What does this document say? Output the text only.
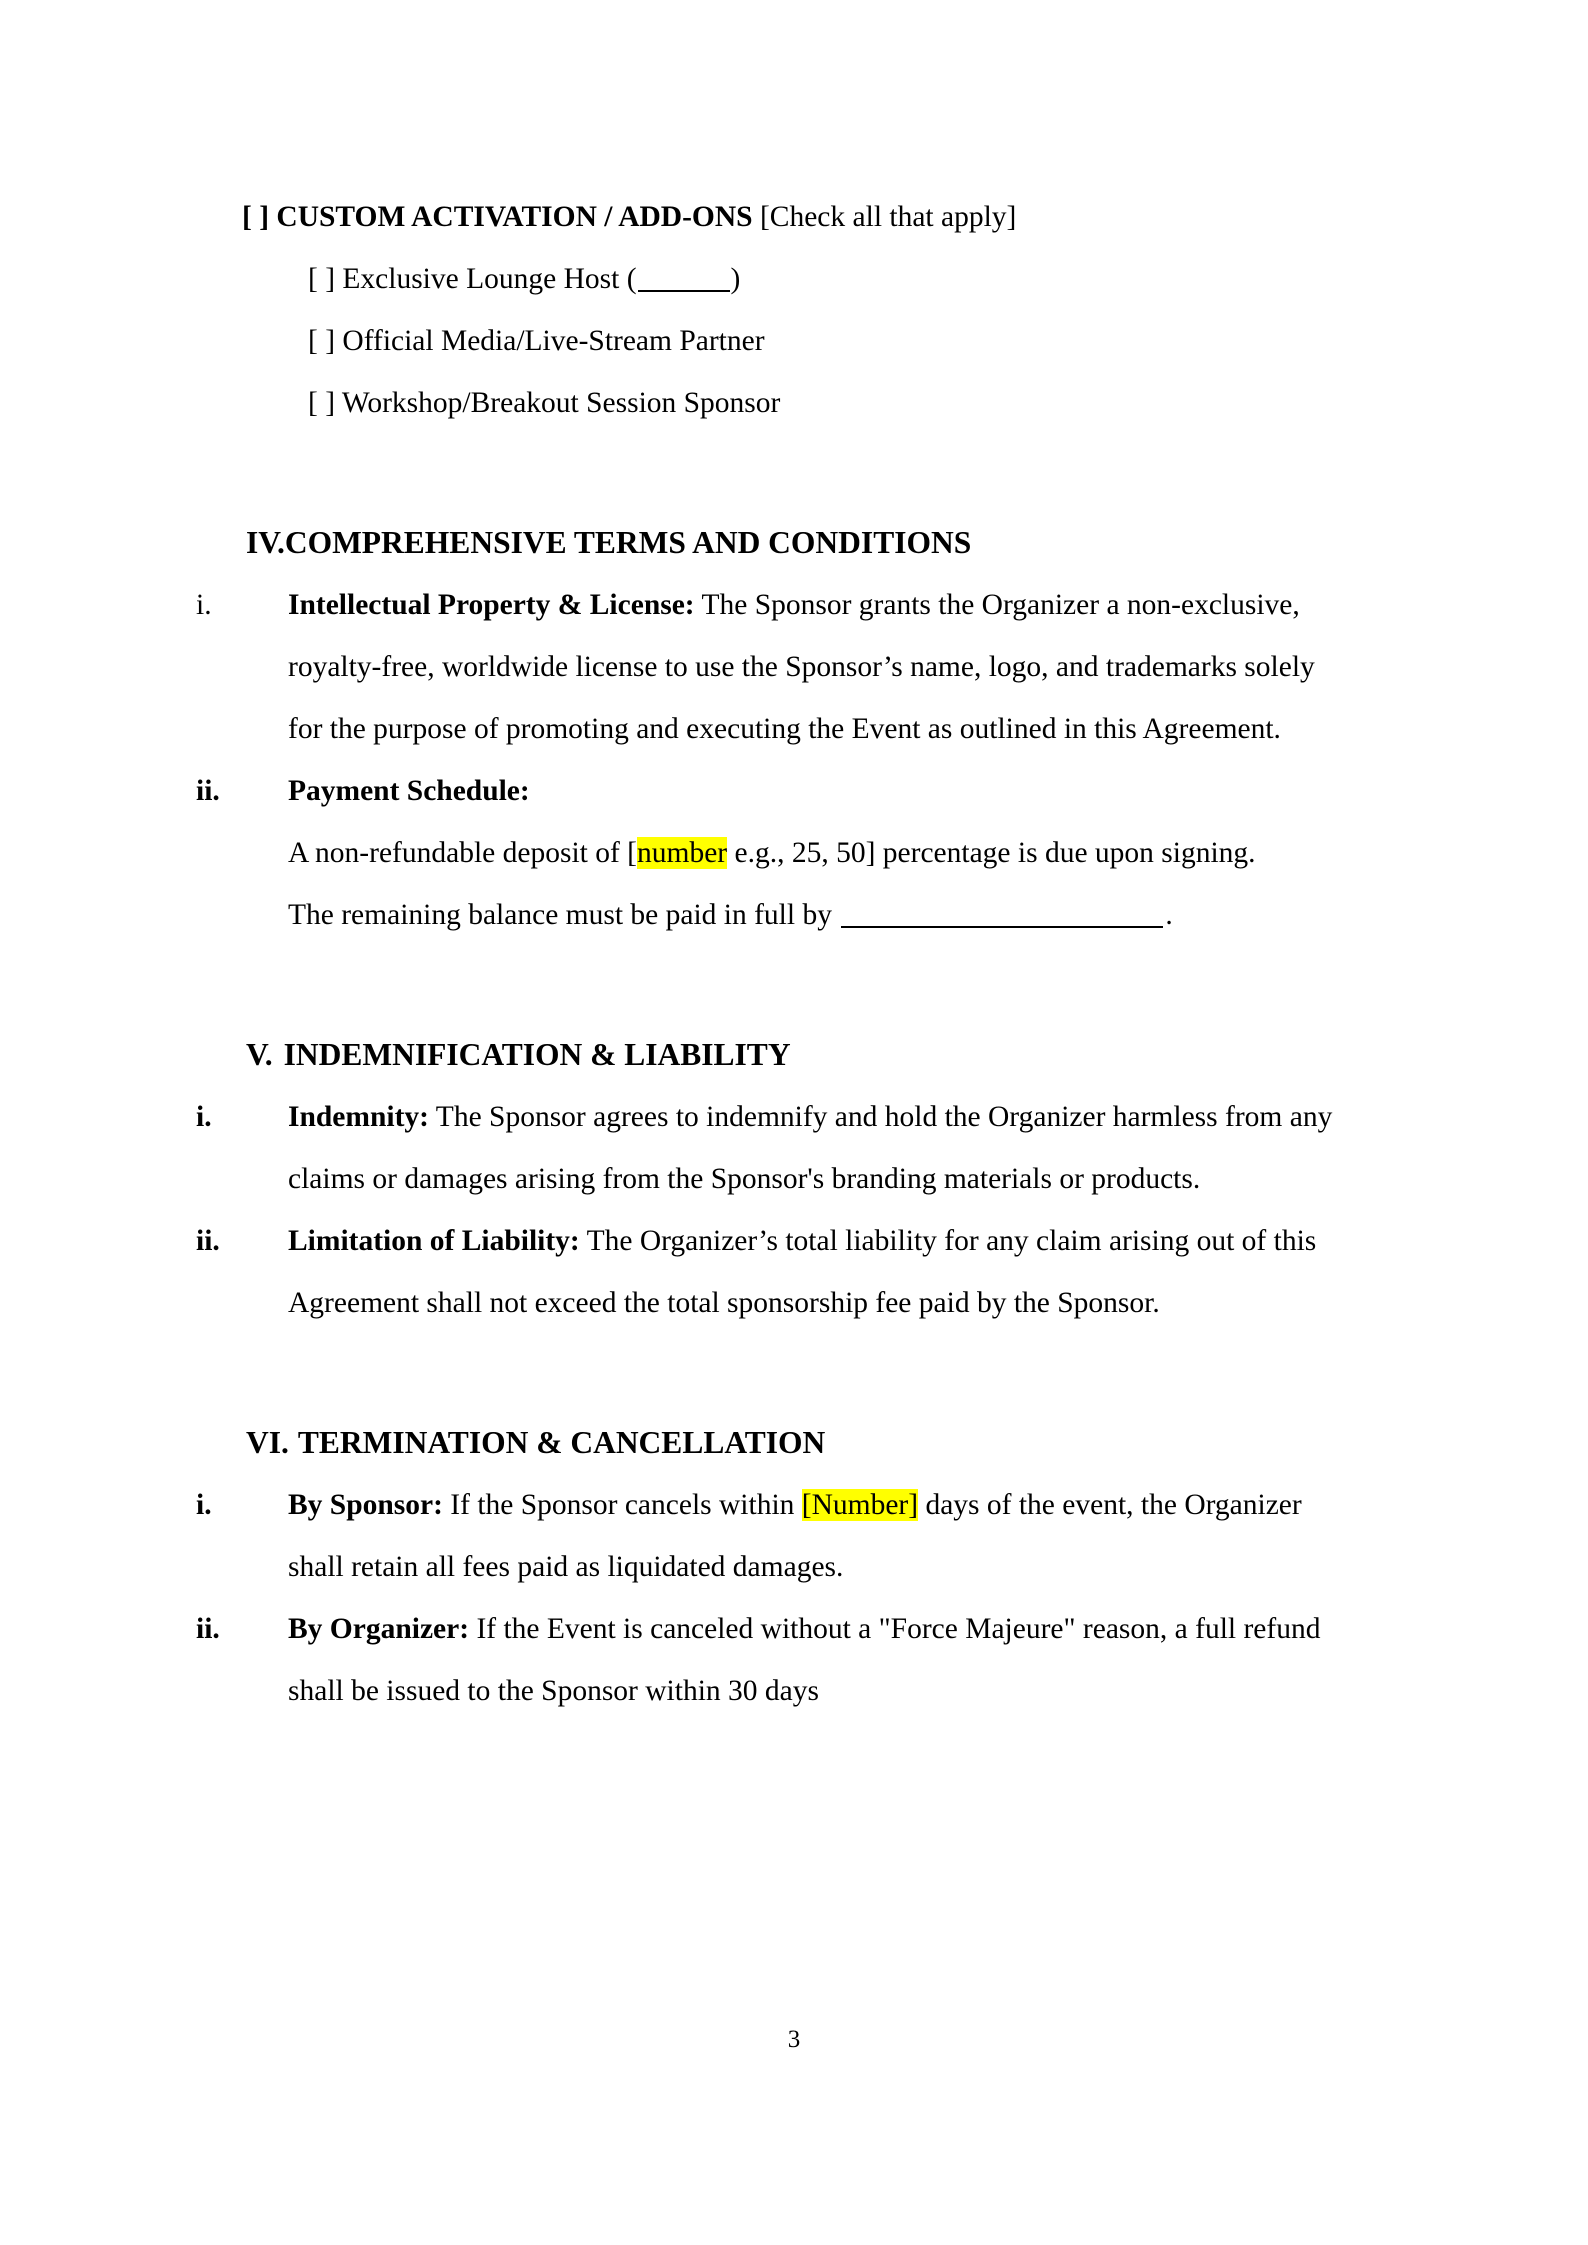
[ ] CUSTOM ACTIVATION / ADD-ONS [Check all that apply]
[ ] Exclusive Lounge Host (	)
[ ] Official Media/Live-Stream Partner
[ ] Workshop/Breakout Session Sponsor
IV. COMPREHENSIVE TERMS AND CONDITIONS
i.	Intellectual Property & License: The Sponsor grants the Organizer a non-exclusive, royalty-free, worldwide license to use the Sponsor’s name, logo, and trademarks solely for the purpose of promoting and executing the Event as outlined in this Agreement.
ii.	Payment Schedule:
A non-refundable deposit of [number e.g., 25, 50] percentage is due upon signing.
The remaining balance must be paid in full by	.
V. INDEMNIFICATION & LIABILITY
i.	Indemnity: The Sponsor agrees to indemnify and hold the Organizer harmless from any claims or damages arising from the Sponsor's branding materials or products.
ii.	Limitation of Liability: The Organizer’s total liability for any claim arising out of this Agreement shall not exceed the total sponsorship fee paid by the Sponsor.
VI. TERMINATION & CANCELLATION
i.	By Sponsor: If the Sponsor cancels within [Number] days of the event, the Organizer shall retain all fees paid as liquidated damages.
ii.	By Organizer: If the Event is canceled without a "Force Majeure" reason, a full refund shall be issued to the Sponsor within 30 days
3
